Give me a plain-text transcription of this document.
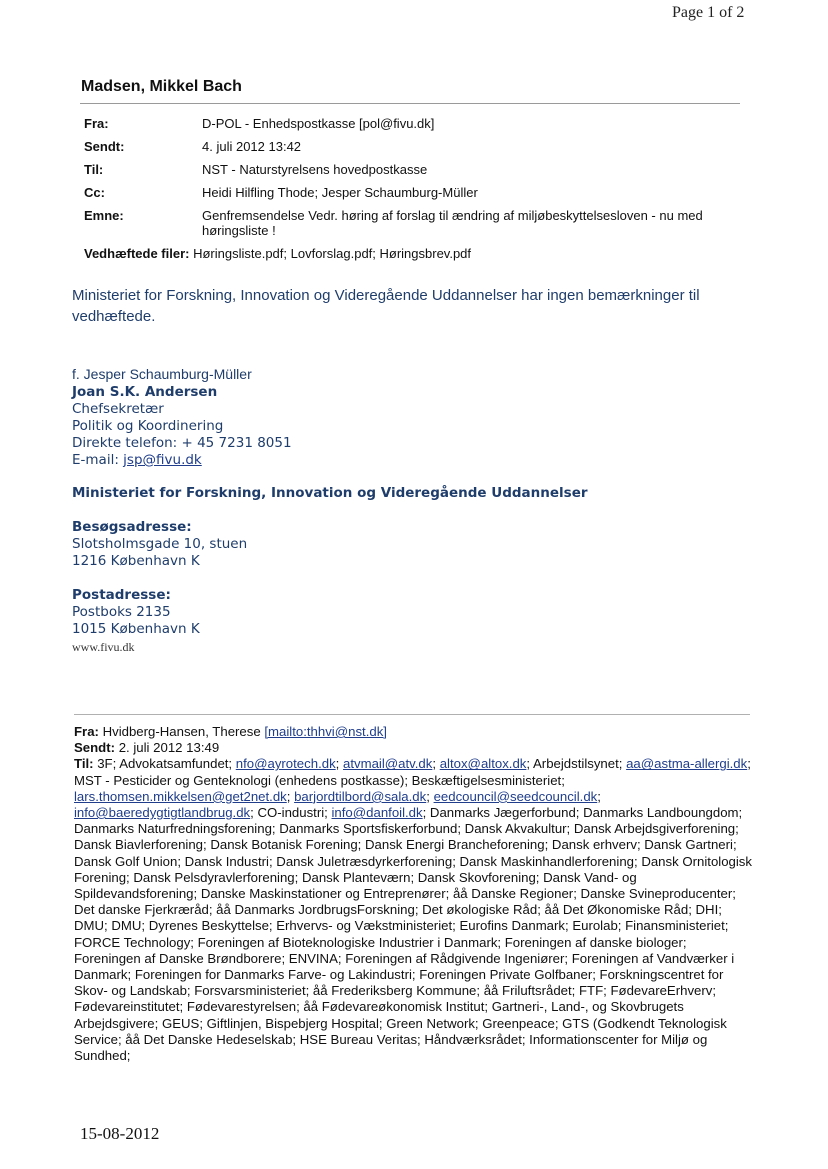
Page 1 of 2
Madsen, Mikkel Bach
Fra:	D-POL - Enhedspostkasse [pol@fivu.dk]
Sendt:	4. juli 2012 13:42
Til:	NST - Naturstyrelsens hovedpostkasse
Cc:	Heidi Hilfling Thode; Jesper Schaumburg-Müller
Emne:	Genfremsendelse Vedr. høring af forslag til ændring af miljøbeskyttelsesloven - nu med høringsliste !
Vedhæftede filer: Høringsliste.pdf; Lovforslag.pdf; Høringsbrev.pdf
Ministeriet for Forskning, Innovation og Videregående Uddannelser har ingen bemærkninger til vedhæftede.
f. Jesper Schaumburg-Müller
Joan S.K. Andersen
Chefsekretær
Politik og Koordinering
Direkte telefon: + 45 7231 8051
E-mail: jsp@fivu.dk
Ministeriet for Forskning, Innovation og Videregående Uddannelser
Besøgsadresse:
Slotsholmsgade 10, stuen
1216 København K
Postadresse:
Postboks 2135
1015 København K
www.fivu.dk
Fra: Hvidberg-Hansen, Therese [mailto:thhvi@nst.dk]
Sendt: 2. juli 2012 13:49
Til: 3F; Advokatsamfundet; nfo@ayrotech.dk; atvmail@atv.dk; altox@altox.dk; Arbejdstilsynet; aa@astma-allergi.dk; MST - Pesticider og Genteknologi (enhedens postkasse); Beskæftigelsesministeriet; lars.thomsen.mikkelsen@get2net.dk; barjordtilbord@sala.dk; eedcouncil@seedcouncil.dk; info@baeredygtigtlandbrug.dk; CO-industri; info@danfoil.dk; Danmarks Jægerforbund; Danmarks Landboungdom; Danmarks Naturfredningsforening; Danmarks Sportsfiskerforbund; Dansk Akvakultur; Dansk Arbejdsgiverforening; Dansk Biavlerforening; Dansk Botanisk Forening; Dansk Energi Brancheforening; Dansk erhverv; Dansk Gartneri; Dansk Golf Union; Dansk Industri; Dansk Juletræsdyrkerforening; Dansk Maskinhandlerforening; Dansk Ornitologisk Forening; Dansk Pelsdyravlerforening; Dansk Planteværn; Dansk Skovforening; Dansk Vand- og Spildevandsforening; Danske Maskinstationer og Entreprenører; åå Danske Regioner; Danske Svineproducenter; Det danske Fjerkræråd; åå Danmarks JordbrugsForskning; Det økologiske Råd; åå Det Økonomiske Råd; DHI; DMU; DMU; Dyrenes Beskyttelse; Erhvervs- og Vækstministeriet; Eurofins Danmark; Eurolab; Finansministeriet; FORCE Technology; Foreningen af Bioteknologiske Industrier i Danmark; Foreningen af danske biologer; Foreningen af Danske Brøndborere; ENVINA; Foreningen af Rådgivende Ingeniører; Foreningen af Vandværker i Danmark; Foreningen for Danmarks Farve- og Lakindustri; Foreningen Private Golfbaner; Forskningscentret for Skov- og Landskab; Forsvarsministeriet; åå Frederiksberg Kommune; åå Friluftsrådet; FTF; FødevareErhverv; Fødevareinstitutet; Fødevarestyrelsen; åå Fødevareøkonomisk Institut; Gartneri-, Land-, og Skovbrugets Arbejdsgivere; GEUS; Giftlinjen, Bispebjerg Hospital; Green Network; Greenpeace; GTS (Godkendt Teknologisk Service; åå Det Danske Hedeselskab; HSE Bureau Veritas; Håndværksrådet; Informationscenter for Miljø og Sundhed;
15-08-2012
